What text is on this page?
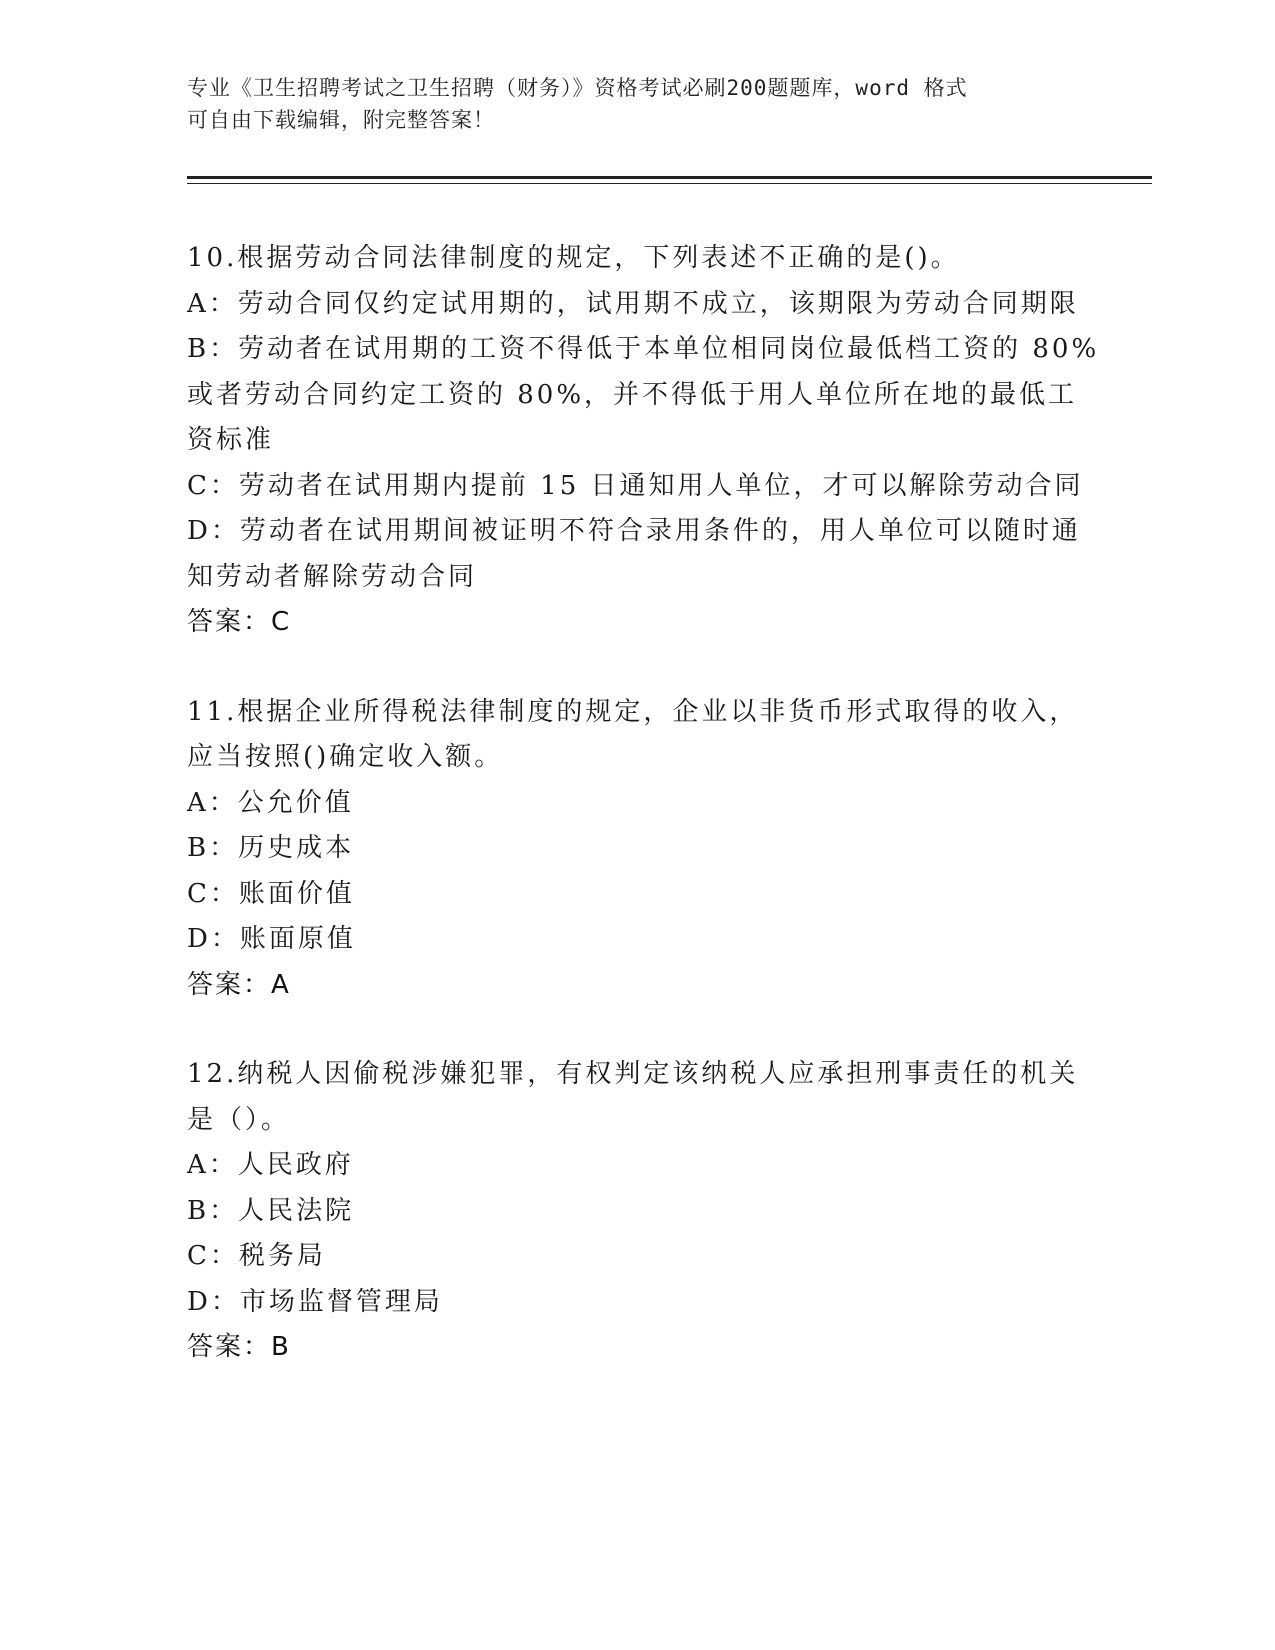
专业《卫生招聘考试之卫生招聘（财务）》资格考试必刷200题题库，word 格式
可自由下载编辑，附完整答案！
10.根据劳动合同法律制度的规定，下列表述不正确的是()。
A：劳动合同仅约定试用期的，试用期不成立，该期限为劳动合同期限
B：劳动者在试用期的工资不得低于本单位相同岗位最低档工资的 80%
或者劳动合同约定工资的 80%，并不得低于用人单位所在地的最低工
资标准
C：劳动者在试用期内提前 15 日通知用人单位，才可以解除劳动合同
D：劳动者在试用期间被证明不符合录用条件的，用人单位可以随时通
知劳动者解除劳动合同
答案：C
11.根据企业所得税法律制度的规定，企业以非货币形式取得的收入，
应当按照()确定收入额。
A：公允价值
B：历史成本
C：账面价值
D：账面原值
答案：A
12.纳税人因偷税涉嫌犯罪，有权判定该纳税人应承担刑事责任的机关
是（）。
A：人民政府
B：人民法院
C：税务局
D：市场监督管理局
答案：B
